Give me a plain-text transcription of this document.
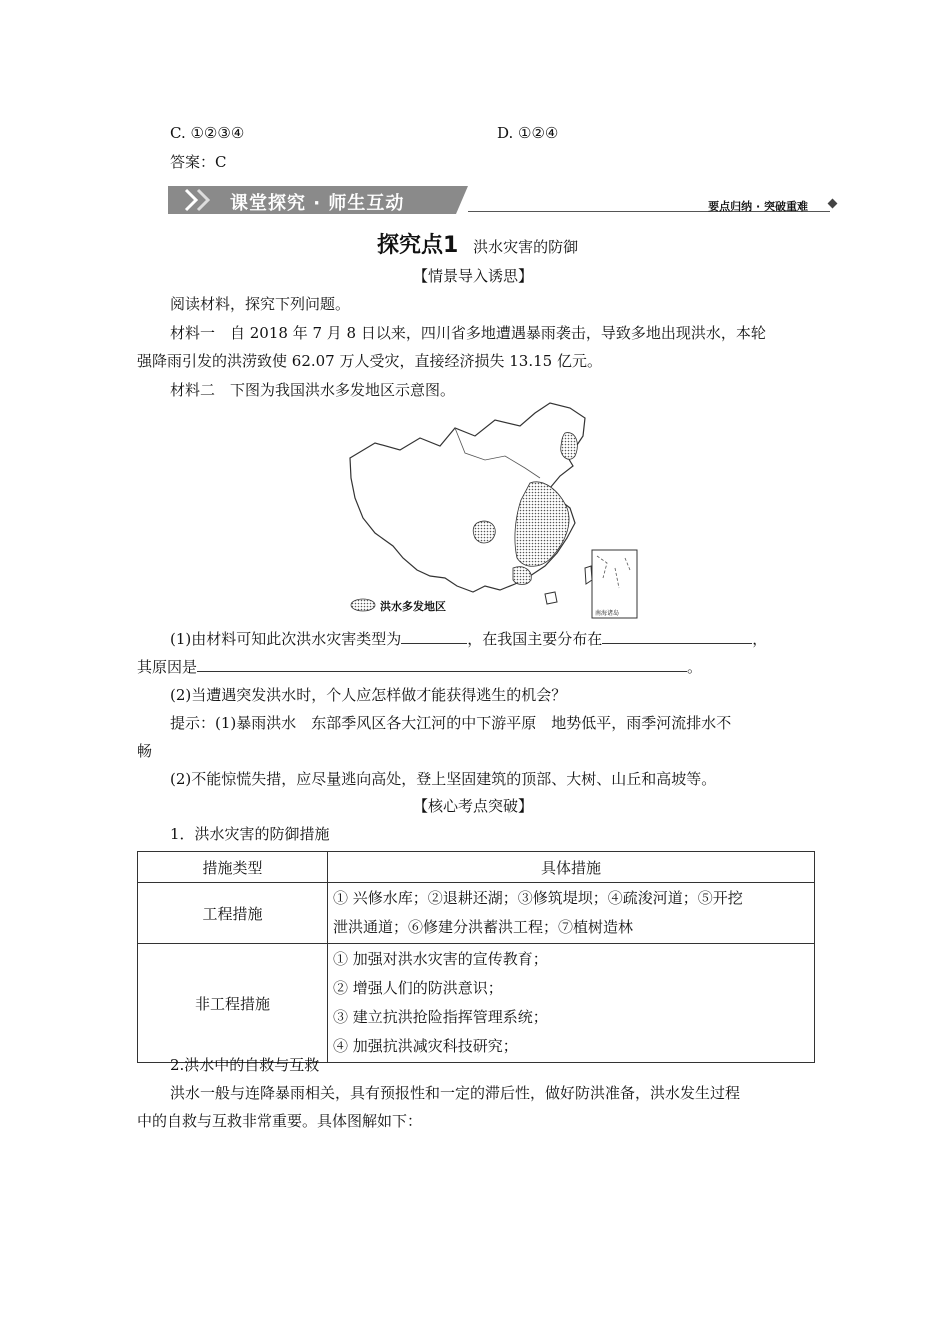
C. ①②③④	D. ①②④
答案：C
课堂探究 · 师生互动	要点归纳 · 突破重难
探究点1 洪水灾害的防御
【情景导入诱思】
阅读材料，探究下列问题。
材料一　自 2018 年 7 月 8 日以来，四川省多地遭遇暴雨袭击，导致多地出现洪水，本轮
强降雨引发的洪涝致使 62.07 万人受灾，直接经济损失 13.15 亿元。
材料二　下图为我国洪水多发地区示意图。
洪水多发地区
南海诸岛
(1)由材料可知此次洪水灾害类型为	，在我国主要分布在	，
其原因是	。
(2)当遭遇突发洪水时，个人应怎样做才能获得逃生的机会？
提示：(1)暴雨洪水　东部季风区各大江河的中下游平原　地势低平，雨季河流排水不
畅
(2)不能惊慌失措，应尽量逃向高处，登上坚固建筑的顶部、大树、山丘和高坡等。
【核心考点突破】
1．洪水灾害的防御措施
措施类型	具体措施
工程措施	① 兴修水库；②退耕还湖；③修筑堤坝；④疏浚河道；⑤开挖
泄洪通道；⑥修建分洪蓄洪工程；⑦植树造林

非工程措施	① 加强对洪水灾害的宣传教育；
② 增强人们的防洪意识；
③ 建立抗洪抢险指挥管理系统；
④ 加强抗洪减灾科技研究；
2.洪水中的自救与互救
洪水一般与连降暴雨相关，具有预报性和一定的滞后性，做好防洪准备，洪水发生过程
中的自救与互救非常重要。具体图解如下：
